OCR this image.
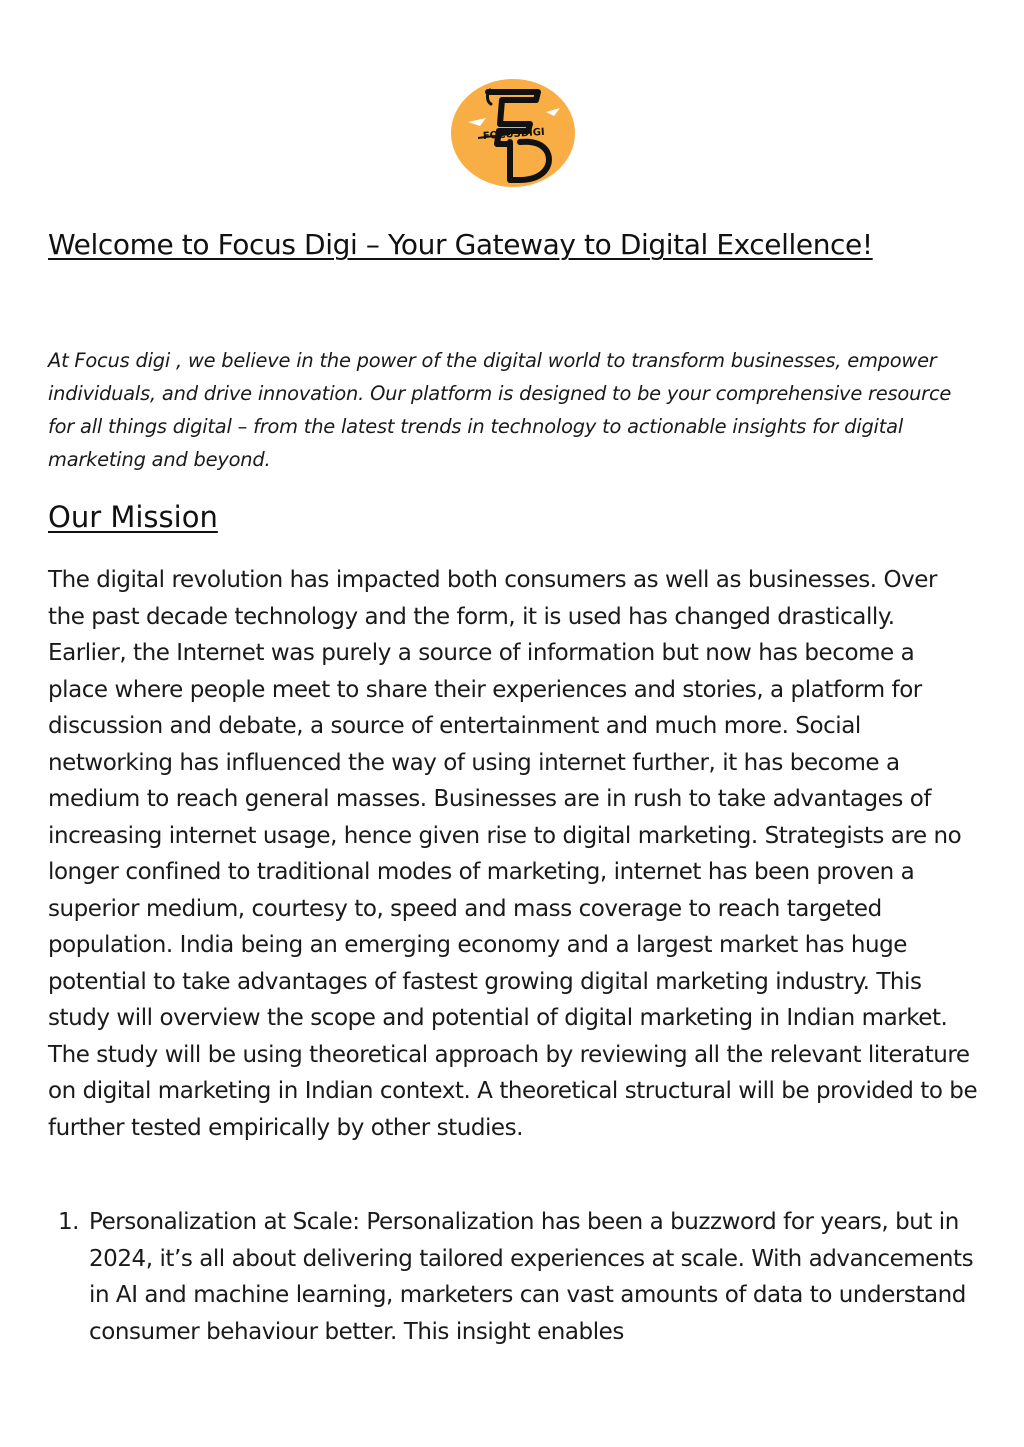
FOCUSDIGI
Welcome to Focus Digi – Your Gateway to Digital Excellence!

At Focus digi , we believe in the power of the digital world to transform businesses, empower individuals, and drive innovation. Our platform is designed to be your comprehensive resource for all things digital – from the latest trends in technology to actionable insights for digital marketing and beyond.

Our Mission

The digital revolution has impacted both consumers as well as businesses. Over the past decade technology and the form, it is used has changed drastically. Earlier, the Internet was purely a source of information but now has become a place where people meet to share their experiences and stories, a platform for discussion and debate, a source of entertainment and much more. Social networking has influenced the way of using internet further, it has become a medium to reach general masses. Businesses are in rush to take advantages of increasing internet usage, hence given rise to digital marketing. Strategists are no longer confined to traditional modes of marketing, internet has been proven a superior medium, courtesy to, speed and mass coverage to reach targeted population. India being an emerging economy and a largest market has huge potential to take advantages of fastest growing digital marketing industry. This study will overview the scope and potential of digital marketing in Indian market. The study will be using theoretical approach by reviewing all the relevant literature on digital marketing in Indian context. A theoretical structural will be provided to be further tested empirically by other studies.

1. Personalization at Scale: Personalization has been a buzzword for years, but in 2024, it’s all about delivering tailored experiences at scale. With advancements in AI and machine learning, marketers can vast amounts of data to understand consumer behaviour better. This insight enables
